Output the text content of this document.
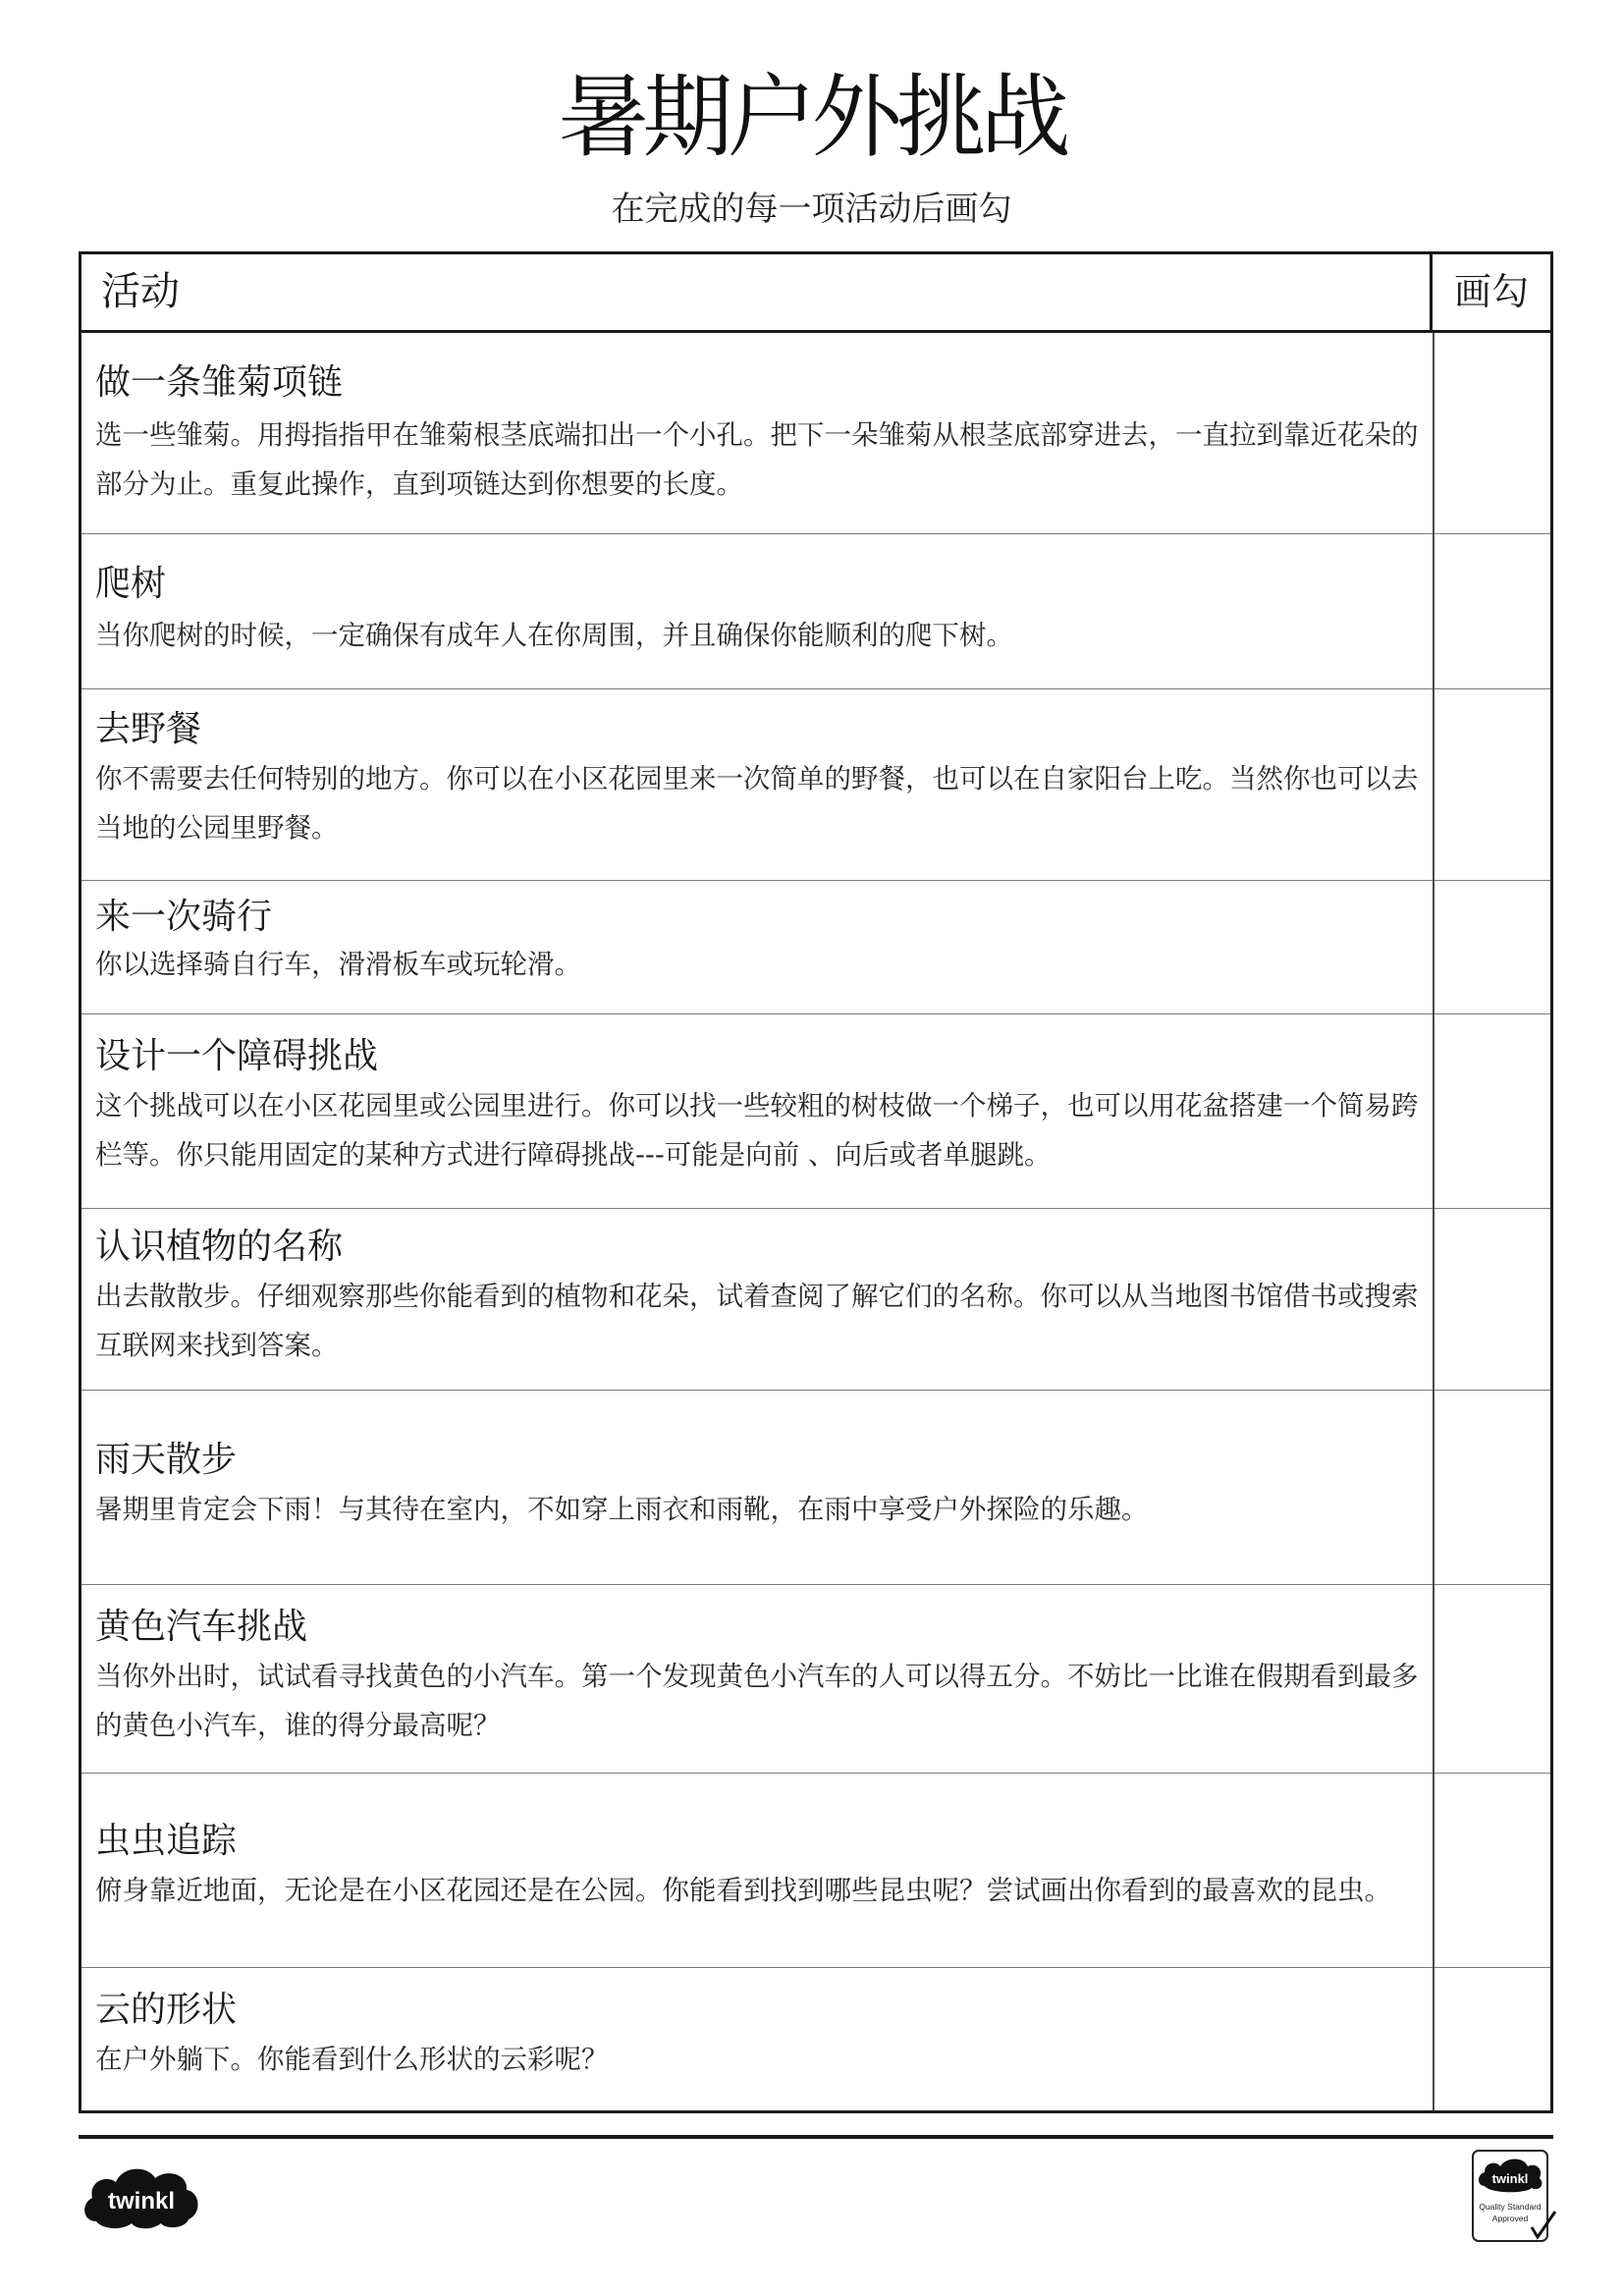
暑期户外挑战
在完成的每一项活动后画勾
活动	画勾
做一条雏菊项链
选一些雏菊。用拇指指甲在雏菊根茎底端扣出一个小孔。把下一朵雏菊从根茎底部穿进去，一直拉到靠近花朵的部分为止。重复此操作，直到项链达到你想要的长度。
爬树
当你爬树的时候，一定确保有成年人在你周围，并且确保你能顺利的爬下树。
去野餐
你不需要去任何特别的地方。你可以在小区花园里来一次简单的野餐，也可以在自家阳台上吃。当然你也可以去当地的公园里野餐。
来一次骑行
你以选择骑自行车，滑滑板车或玩轮滑。
设计一个障碍挑战
这个挑战可以在小区花园里或公园里进行。你可以找一些较粗的树枝做一个梯子，也可以用花盆搭建一个简易跨栏等。你只能用固定的某种方式进行障碍挑战---可能是向前 、向后或者单腿跳。
认识植物的名称
出去散散步。仔细观察那些你能看到的植物和花朵，试着查阅了解它们的名称。你可以从当地图书馆借书或搜索互联网来找到答案。
雨天散步
暑期里肯定会下雨！与其待在室内，不如穿上雨衣和雨靴，在雨中享受户外探险的乐趣。
黄色汽车挑战
当你外出时，试试看寻找黄色的小汽车。第一个发现黄色小汽车的人可以得五分。不妨比一比谁在假期看到最多的黄色小汽车，谁的得分最高呢？
虫虫追踪
俯身靠近地面，无论是在小区花园还是在公园。你能看到找到哪些昆虫呢？尝试画出你看到的最喜欢的昆虫。
云的形状
在户外躺下。你能看到什么形状的云彩呢？
twinkl
twinkl
Quality Standard
Approved
